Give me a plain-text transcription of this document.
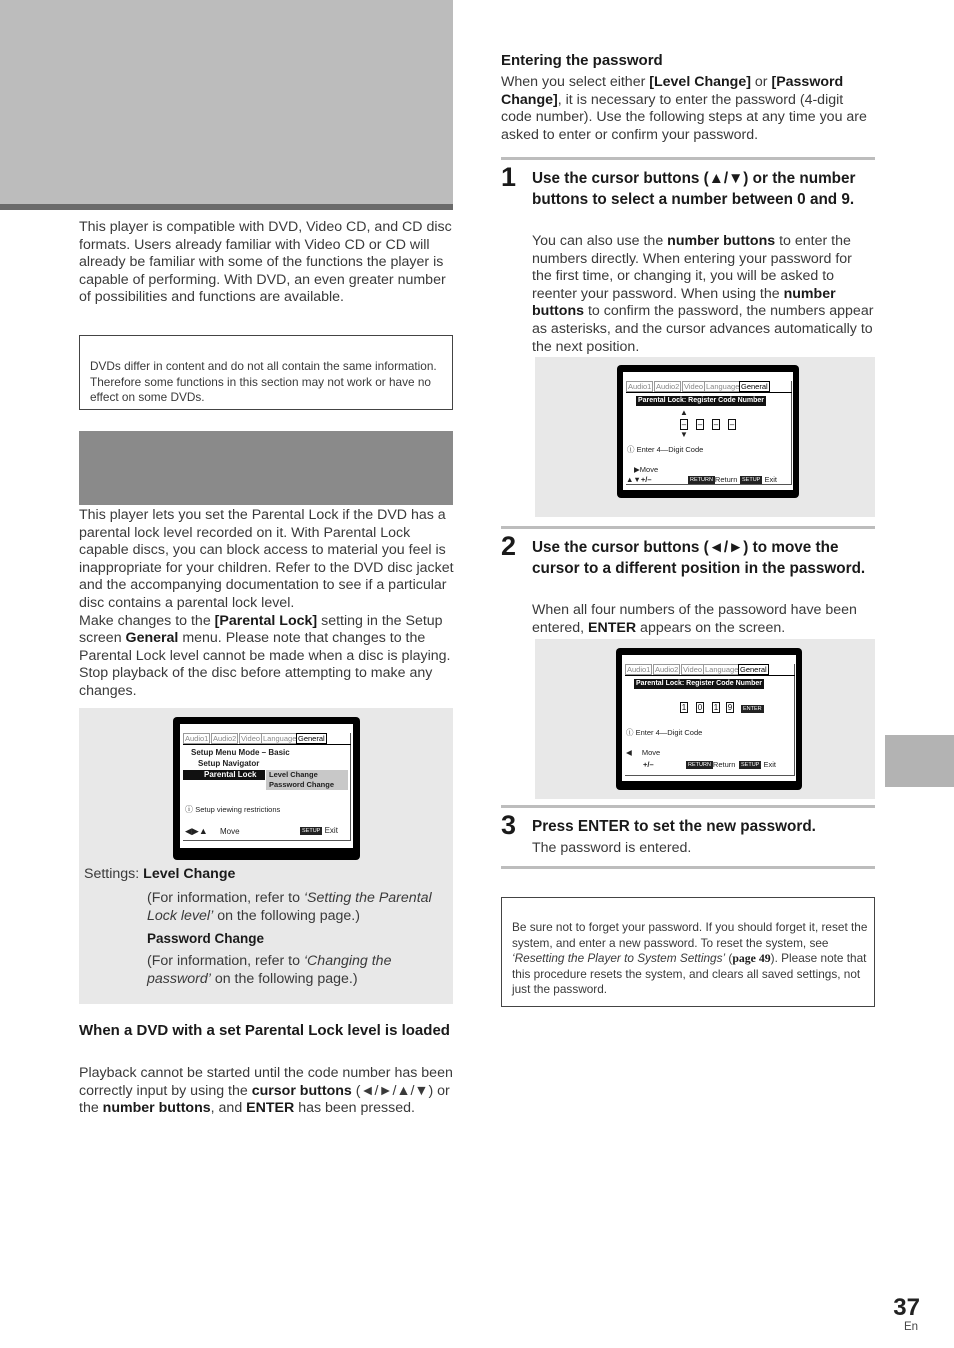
This player is compatible with DVD, Video CD, and CD disc formats. Users already familiar with Video CD or CD will already be familiar with some of the functions the player is capable of performing. With DVD, an even greater number of possibilities and functions are available.

DVDs differ in content and do not all contain the same information. Therefore some functions in this section may not work or have no effect on some DVDs.

This player lets you set the Parental Lock if the DVD has a parental lock level recorded on it. With Parental Lock capable discs, you can block access to material you feel is inappropriate for your children. Refer to the DVD disc jacket and the accompanying documentation to see if a particular disc contains a parental lock level.
Make changes to the [Parental Lock] setting in the Setup screen General menu. Please note that changes to the Parental Lock level cannot be made when a disc is playing. Stop playback of the disc before attempting to make any changes.
Audio1 Audio2 Video Language General
Setup Menu Mode – Basic
Setup Navigator
Parental Lock	Level Change
Password Change
ⓘ Setup viewing restrictions
◀▶▲ Move	SETUP Exit
Settings: Level Change
(For information, refer to ‘Setting the Parental Lock level’ on the following page.)
Password Change
(For information, refer to ‘Changing the password’ on the following page.)
When a DVD with a set Parental Lock level is loaded
Playback cannot be started until the code number has been correctly input by using the cursor buttons (◄/►/▲/▼) or the number buttons, and ENTER has been pressed.
Entering the password
When you select either [Level Change] or [Password Change], it is necessary to enter the password (4-digit code number). Use the following steps at any time you are asked to enter or confirm your password.
1 Use the cursor buttons (▲/▼) or the number buttons to select a number between 0 and 9.
You can also use the number buttons to enter the numbers directly. When entering your password for the first time, or changing it, you will be asked to reenter your password. When using the number buttons to confirm the password, the numbers appear as asterisks, and the cursor advances automatically to the next position.
Audio1 Audio2 Video Language General
Parental Lock: Register Code Number
▲
– – – –
▼
ⓘ Enter 4—Digit Code
▶Move
▲▼+/–	RETURN Return SETUP Exit
2 Use the cursor buttons (◄/►) to move the cursor to a different position in the password.
When all four numbers of the passoword have been entered, ENTER appears on the screen.
Audio1 Audio2 Video Language General
Parental Lock: Register Code Number
1 0 1 9	ENTER
ⓘ Enter 4—Digit Code
◀ Move
+/–	RETURN Return	SETUP Exit
3 Press ENTER to set the new password.
The password is entered.

Be sure not to forget your password. If you should forget it, reset the system, and enter a new password. To reset the system, see ‘Resetting the Player to System Settings’ (page 49). Please note that this procedure resets the system, and clears all saved settings, not just the password.

37
En
